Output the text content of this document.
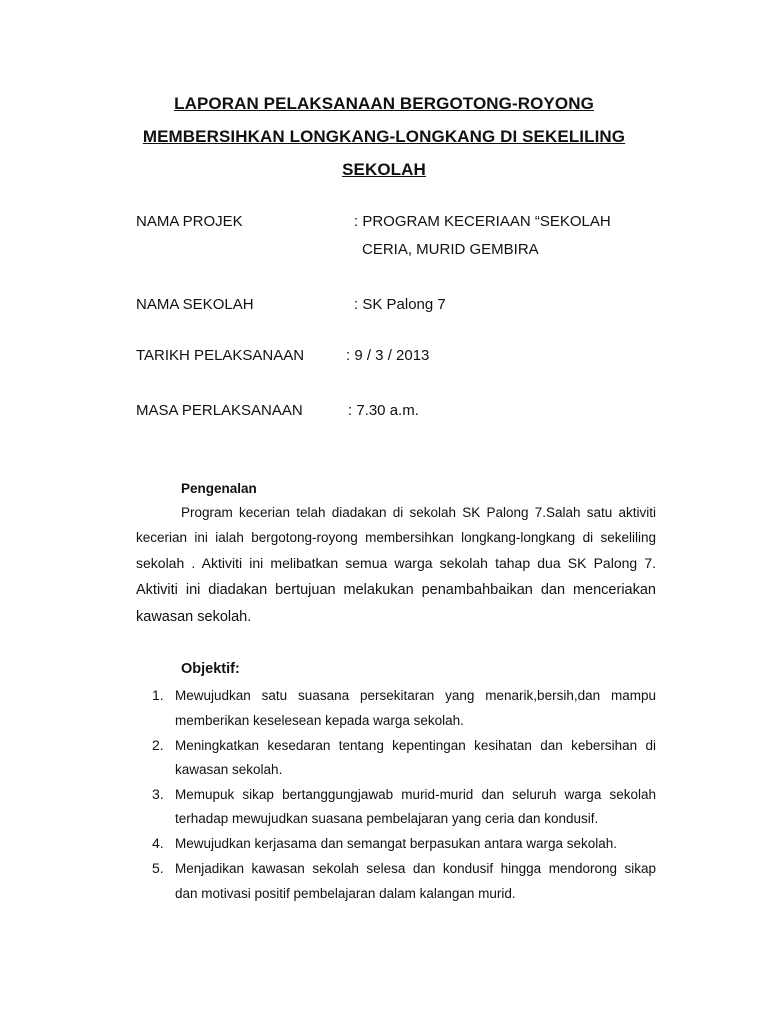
LAPORAN PELAKSANAAN BERGOTONG-ROYONG
MEMBERSIHKAN LONGKANG-LONGKANG DI SEKELILING
SEKOLAH
NAMA PROJEK	: PROGRAM KECERIAAN “SEKOLAH
CERIA, MURID GEMBIRA
NAMA SEKOLAH	: SK Palong 7
TARIKH PELAKSANAAN	: 9 / 3 / 2013
MASA PERLAKSANAAN	: 7.30 a.m.
Pengenalan
Program kecerian telah diadakan di sekolah SK Palong 7.Salah satu aktiviti
kecerian ini ialah bergotong-royong membersihkan longkang-longkang di sekeliling
sekolah . Aktiviti ini melibatkan semua warga sekolah tahap dua SK Palong 7.
Aktiviti ini diadakan bertujuan melakukan penambahbaikan dan menceriakan
kawasan sekolah.
Objektif:
1. Mewujudkan satu suasana persekitaran yang menarik,bersih,dan mampu
memberikan keselesean kepada warga sekolah.
2. Meningkatkan kesedaran tentang kepentingan kesihatan dan kebersihan di
kawasan sekolah.
3. Memupuk sikap bertanggungjawab murid-murid dan seluruh warga sekolah
terhadap mewujudkan suasana pembelajaran yang ceria dan kondusif.
4. Mewujudkan kerjasama dan semangat berpasukan antara warga sekolah.
5. Menjadikan kawasan sekolah selesa dan kondusif hingga mendorong sikap
dan motivasi positif pembelajaran dalam kalangan murid.
